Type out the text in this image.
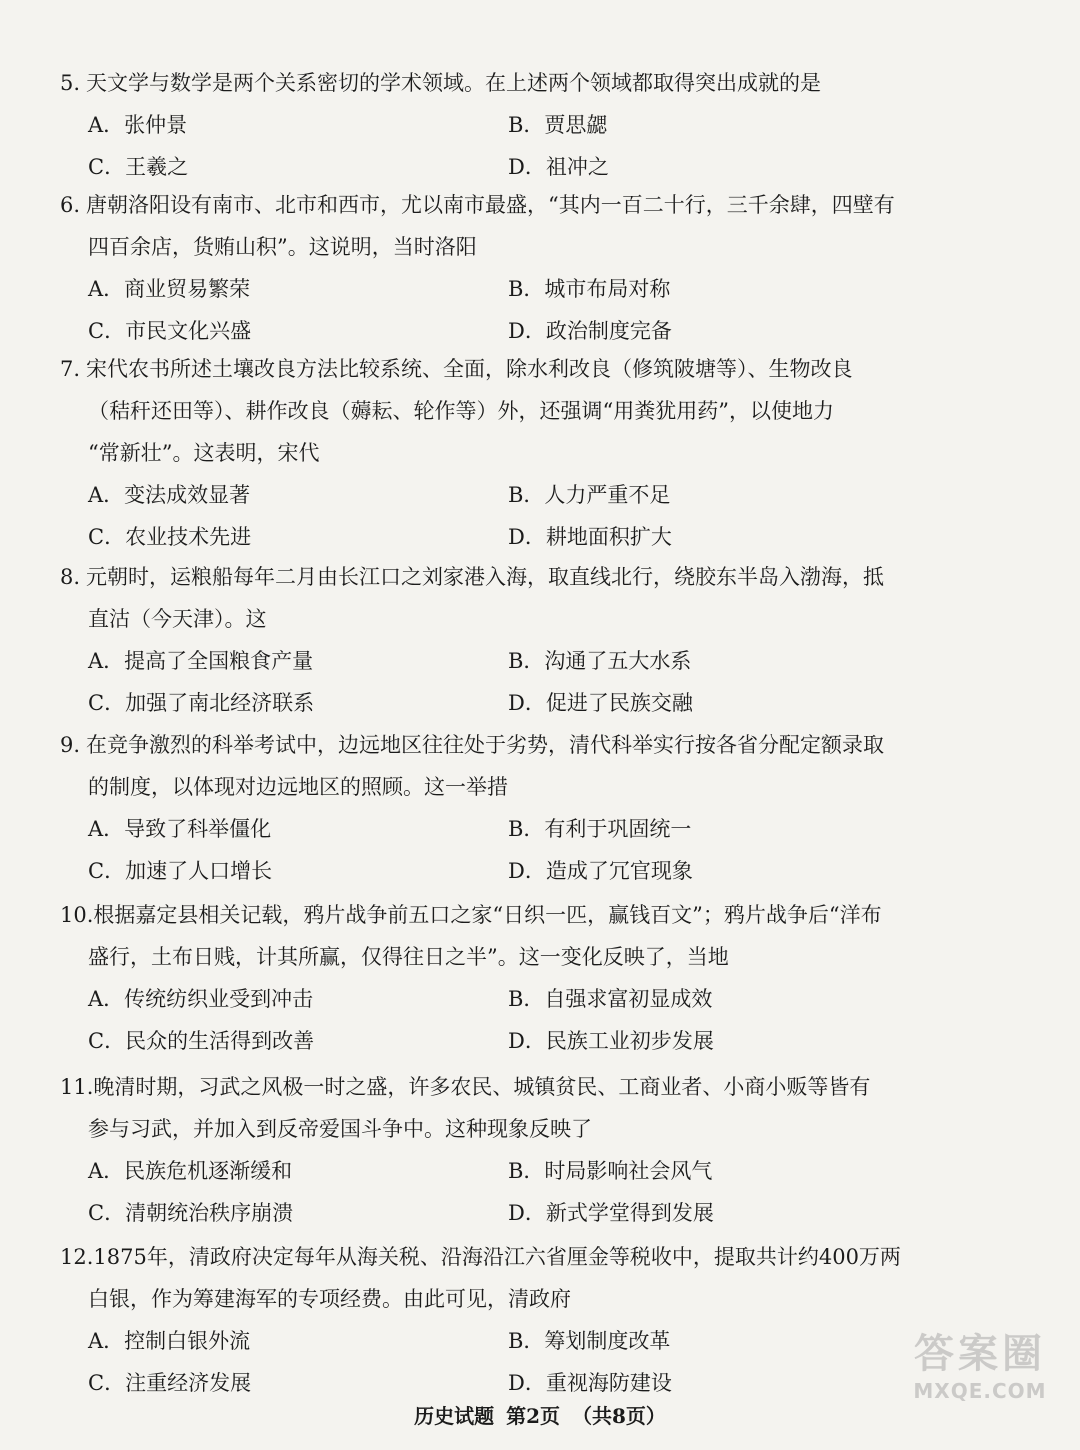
5. 天文学与数学是两个关系密切的学术领域。在上述两个领域都取得突出成就的是

A．张仲景	B．贾思勰
C．王羲之	D．祖冲之

6. 唐朝洛阳设有南市、北市和西市，尤以南市最盛，“其内一百二十行，三千余肆，四壁有
四百余店，货贿山积”。这说明，当时洛阳

A．商业贸易繁荣	B．城市布局对称
C．市民文化兴盛	D．政治制度完备

7. 宋代农书所述土壤改良方法比较系统、全面，除水利改良（修筑陂塘等）、生物改良
（秸秆还田等）、耕作改良（薅耘、轮作等）外，还强调“用粪犹用药”，以使地力
“常新壮”。这表明，宋代

A．变法成效显著	B．人力严重不足
C．农业技术先进	D．耕地面积扩大

8. 元朝时，运粮船每年二月由长江口之刘家港入海，取直线北行，绕胶东半岛入渤海，抵
直沽（今天津）。这

A．提高了全国粮食产量	B．沟通了五大水系
C．加强了南北经济联系	D．促进了民族交融

9. 在竞争激烈的科举考试中，边远地区往往处于劣势，清代科举实行按各省分配定额录取
的制度，以体现对边远地区的照顾。这一举措

A．导致了科举僵化	B．有利于巩固统一
C．加速了人口增长	D．造成了冗官现象

10.根据嘉定县相关记载，鸦片战争前五口之家“日织一匹，赢钱百文”；鸦片战争后“洋布
盛行，土布日贱，计其所赢，仅得往日之半”。这一变化反映了，当地

A．传统纺织业受到冲击	B．自强求富初显成效
C．民众的生活得到改善	D．民族工业初步发展

11.晚清时期，习武之风极一时之盛，许多农民、城镇贫民、工商业者、小商小贩等皆有
参与习武，并加入到反帝爱国斗争中。这种现象反映了

A．民族危机逐渐缓和	B．时局影响社会风气
C．清朝统治秩序崩溃	D．新式学堂得到发展

12.1875年，清政府决定每年从海关税、沿海沿江六省厘金等税收中，提取共计约400万两
白银，作为筹建海军的专项经费。由此可见，清政府

A．控制白银外流	B．筹划制度改革
C．注重经济发展	D．重视海防建设
历史试题 第2页 （共8页）
答案圈
MXQE.COM
